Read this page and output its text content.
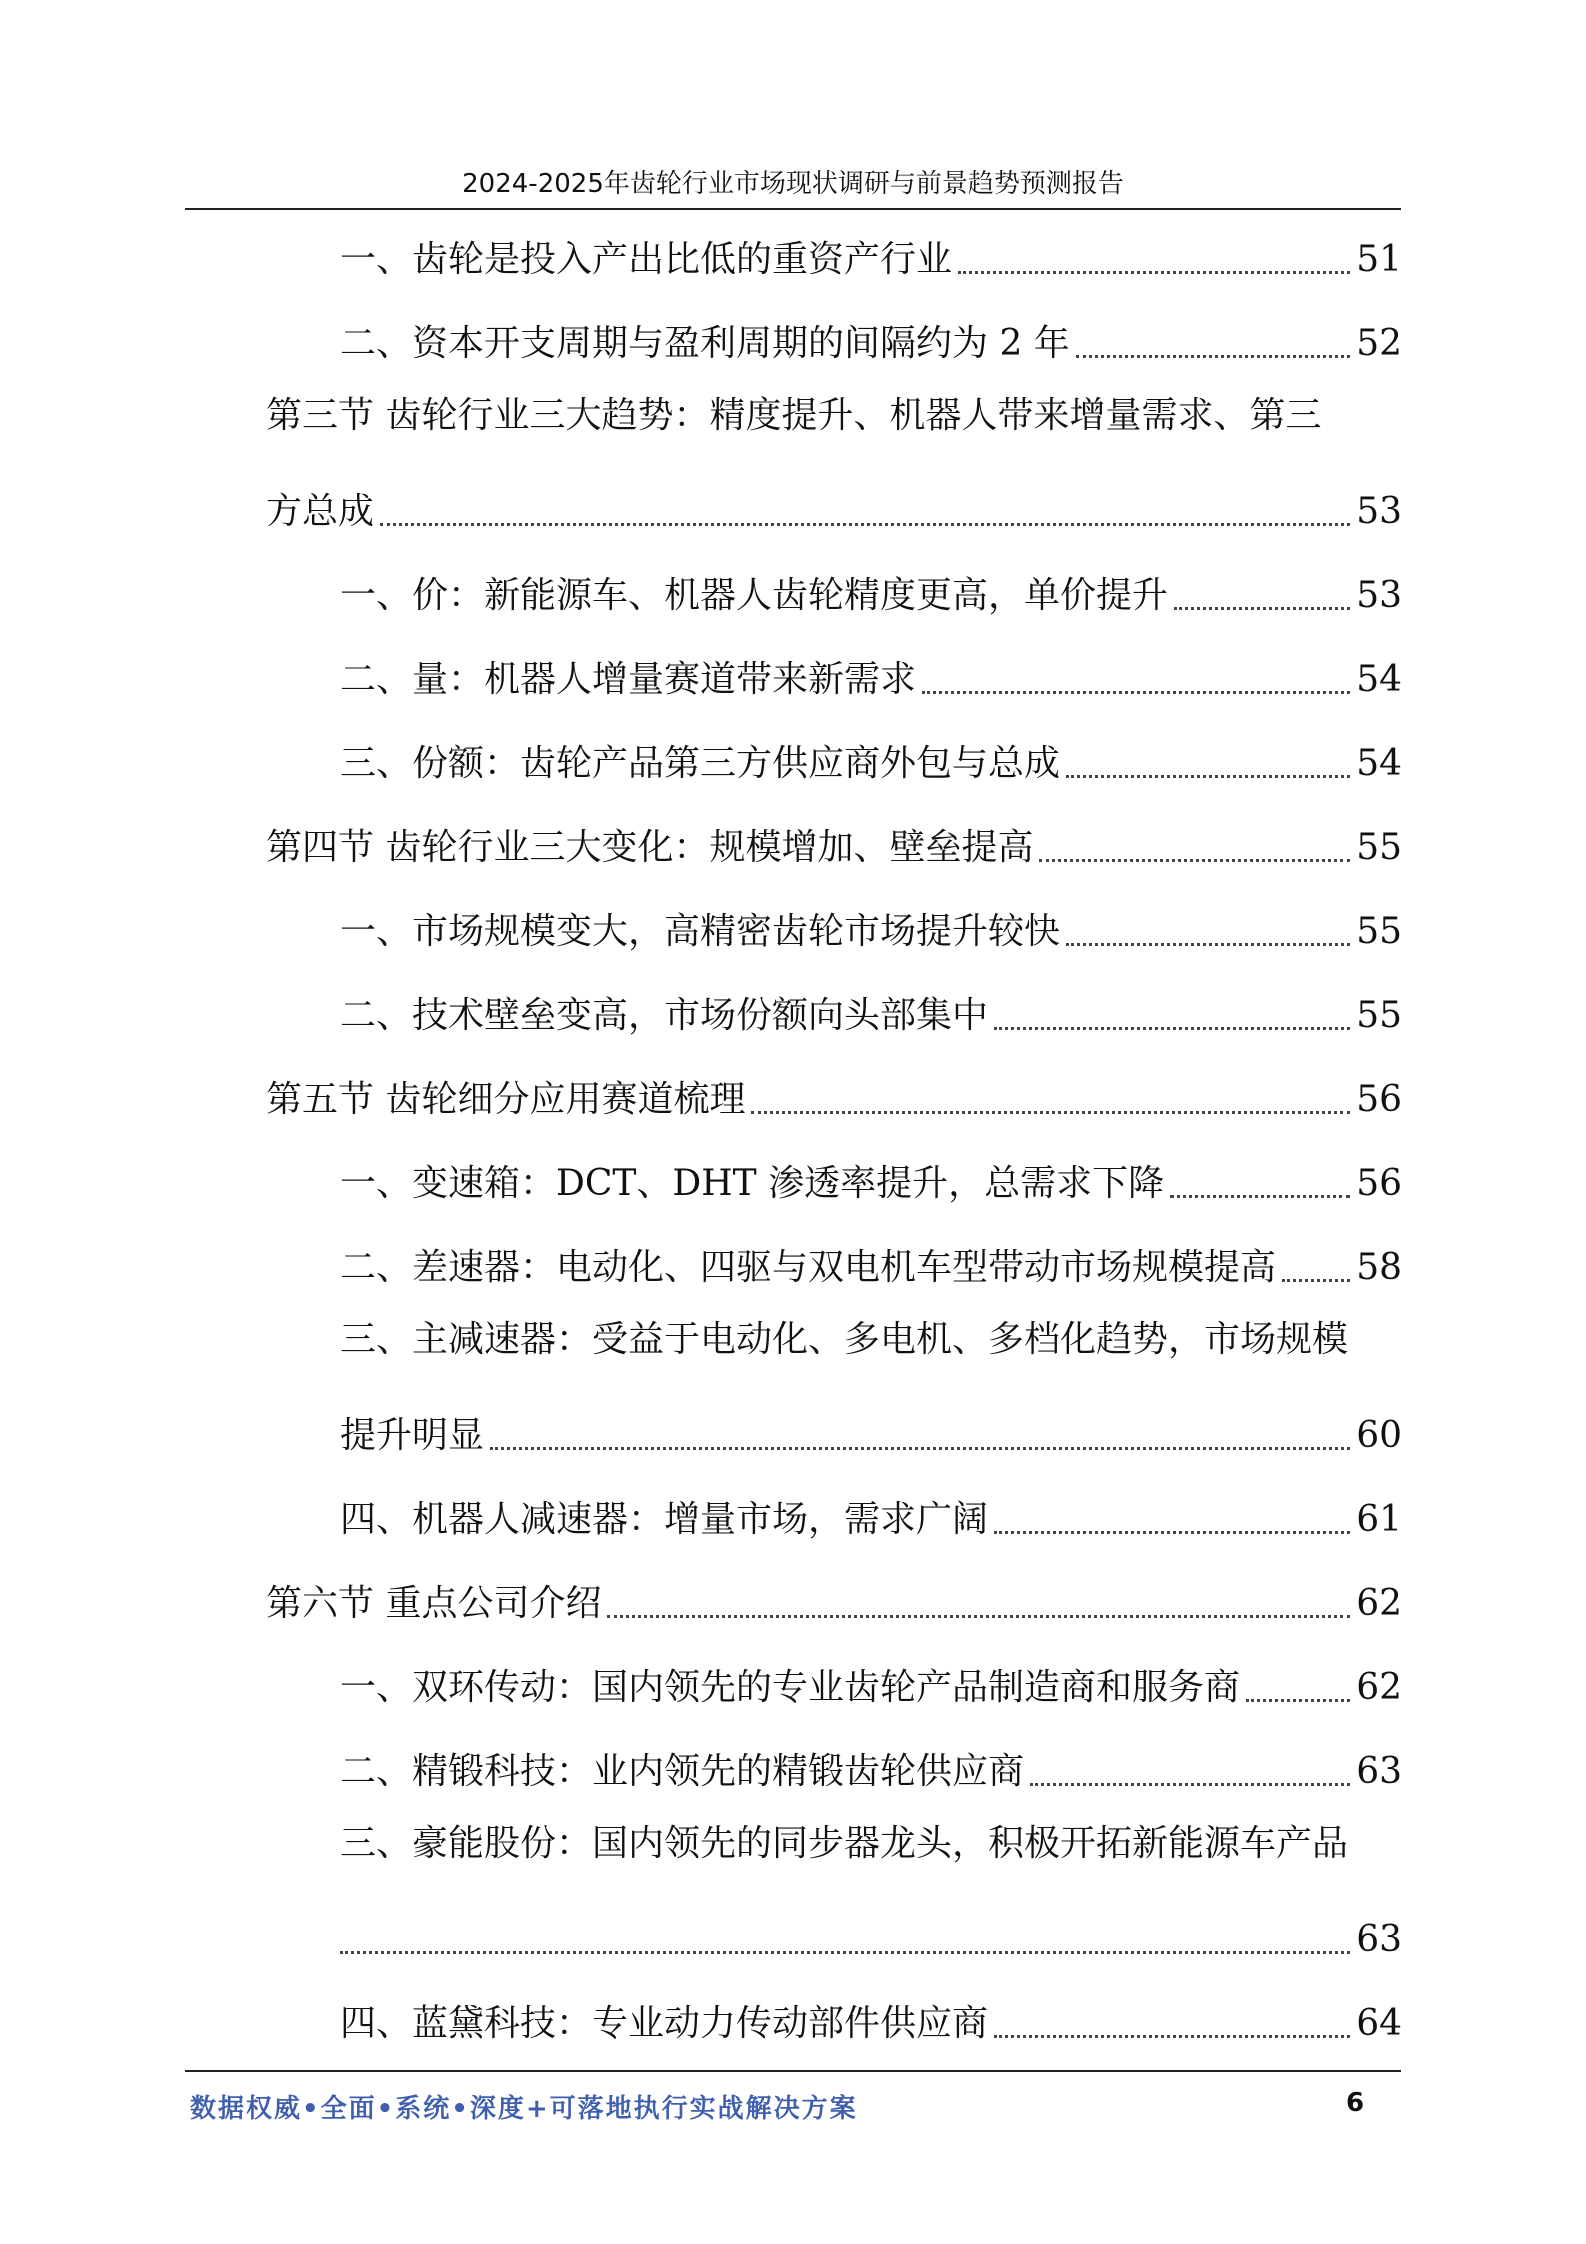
2024-2025年齿轮行业市场现状调研与前景趋势预测报告
一、齿轮是投入产出比低的重资产行业	51
二、资本开支周期与盈利周期的间隔约为 2 年	52
第三节 齿轮行业三大趋势：精度提升、机器人带来增量需求、第三
方总成	53
一、价：新能源车、机器人齿轮精度更高，单价提升	53
二、量：机器人增量赛道带来新需求	54
三、份额：齿轮产品第三方供应商外包与总成	54
第四节 齿轮行业三大变化：规模增加、壁垒提高	55
一、市场规模变大，高精密齿轮市场提升较快	55
二、技术壁垒变高，市场份额向头部集中	55
第五节 齿轮细分应用赛道梳理	56
一、变速箱：DCT、DHT 渗透率提升，总需求下降	56
二、差速器：电动化、四驱与双电机车型带动市场规模提高 58
三、主减速器：受益于电动化、多电机、多档化趋势，市场规模
提升明显	60
四、机器人减速器：增量市场，需求广阔	61
第六节 重点公司介绍	62
一、双环传动：国内领先的专业齿轮产品制造商和服务商	62
二、精锻科技：业内领先的精锻齿轮供应商	63
三、豪能股份：国内领先的同步器龙头，积极开拓新能源车产品
63
四、蓝黛科技：专业动力传动部件供应商	64
数据权威•全面•系统•深度+可落地执行实战解决方案	6
